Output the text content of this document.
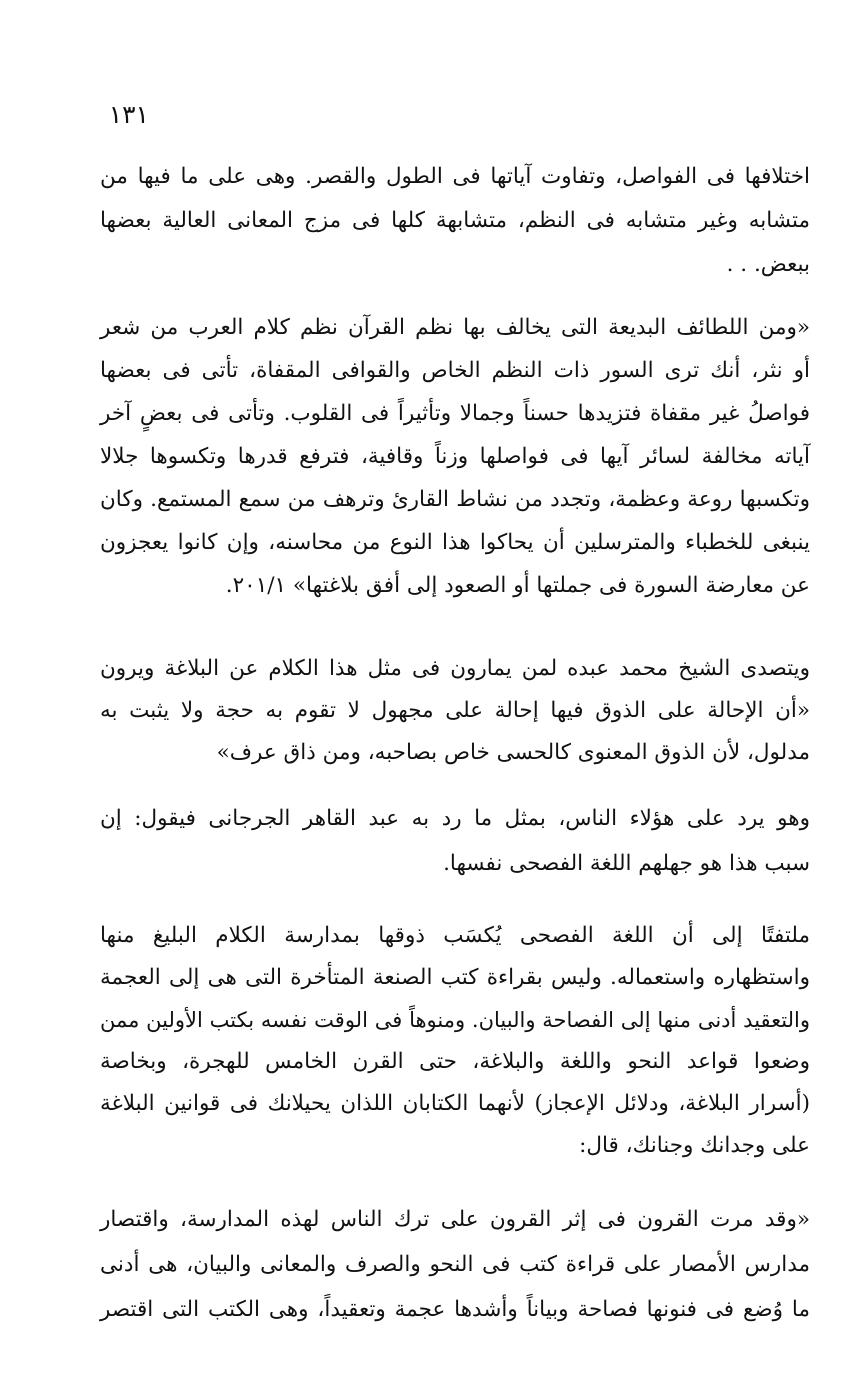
١٣١
اختلافها فى الفواصل، وتفاوت آياتها فى الطول والقصر. وهى على ما فيها من
متشابه وغير متشابه فى النظم، متشابهة كلها فى مزج المعانى العالية بعضها
ببعض. . .
«ومن اللطائف البديعة التى يخالف بها نظم القرآن نظم كلام العرب من شعر
أو نثر، أنك ترى السور ذات النظم الخاص والقوافى المقفاة، تأتى فى بعضها
فواصلُ غير مقفاة فتزيدها حسناً وجمالا وتأثيراً فى القلوب. وتأتى فى بعضٍ آخر
آياته مخالفة لسائر آيها فى فواصلها وزناً وقافية، فترفع قدرها وتكسوها جلالا
وتكسبها روعة وعظمة، وتجدد من نشاط القارئ وترهف من سمع المستمع. وكان
ينبغى للخطباء والمترسلين أن يحاكوا هذا النوع من محاسنه، وإن كانوا يعجزون
عن معارضة السورة فى جملتها أو الصعود إلى أفق بلاغتها» ٢٠١/١.
ويتصدى الشيخ محمد عبده لمن يمارون فى مثل هذا الكلام عن البلاغة ويرون
«أن الإحالة على الذوق فيها إحالة على مجهول لا تقوم به حجة ولا يثبت به
مدلول، لأن الذوق المعنوى كالحسى خاص بصاحبه، ومن ذاق عرف»
وهو يرد على هؤلاء الناس، بمثل ما رد به عبد القاهر الجرجانى فيقول: إن
سبب هذا هو جهلهم اللغة الفصحى نفسها.
ملتفتًا إلى أن اللغة الفصحى يُكسَب ذوقها بمدارسة الكلام البليغ منها
واستظهاره واستعماله. وليس بقراءة كتب الصنعة المتأخرة التى هى إلى العجمة
والتعقيد أدنى منها إلى الفصاحة والبيان. ومنوهاً فى الوقت نفسه بكتب الأولين ممن
وضعوا قواعد النحو واللغة والبلاغة، حتى القرن الخامس للهجرة، وبخاصة
(أسرار البلاغة، ودلائل الإعجاز) لأنهما الكتابان اللذان يحيلانك فى قوانين البلاغة
على وجدانك وجنانك، قال:
«وقد مرت القرون فى إثر القرون على ترك الناس لهذه المدارسة، واقتصار
مدارس الأمصار على قراءة كتب فى النحو والصرف والمعانى والبيان، هى أدنى
ما وُضع فى فنونها فصاحة وبياناً وأشدها عجمة وتعقيداً، وهى الكتب التى اقتصر
